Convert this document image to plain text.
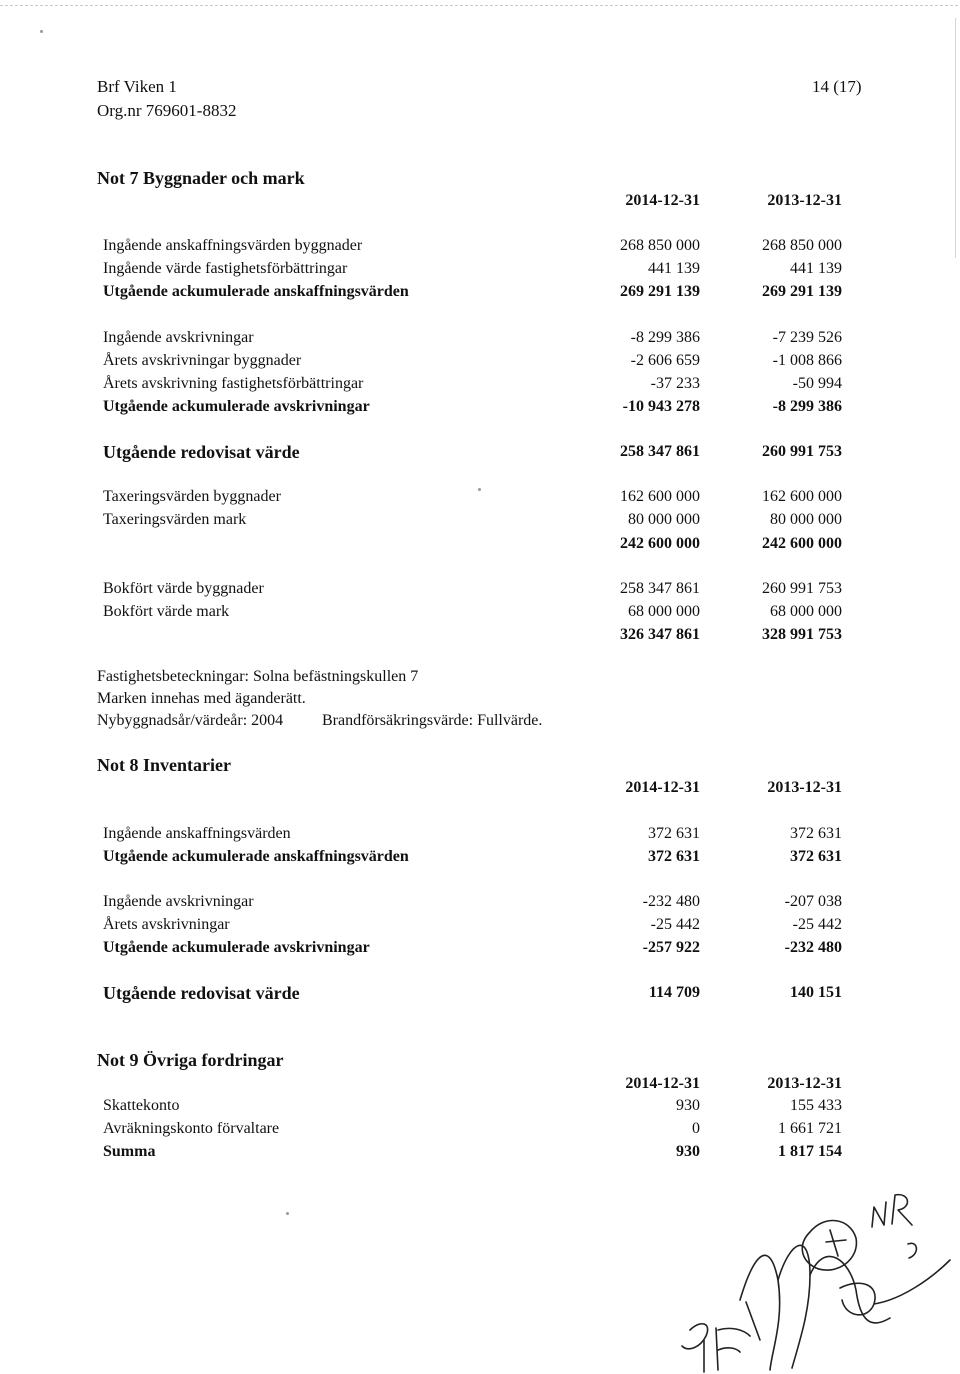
Brf Viken 1
Org.nr 769601-8832
14 (17)
Not 7 Byggnader och mark
2014-12-31	2013-12-31
Ingående anskaffningsvärden byggnader	268 850 000	268 850 000
Ingående värde fastighetsförbättringar	441 139	441 139
Utgående ackumulerade anskaffningsvärden	269 291 139	269 291 139
Ingående avskrivningar	-8 299 386	-7 239 526
Årets avskrivningar byggnader	-2 606 659	-1 008 866
Årets avskrivning fastighetsförbättringar	-37 233	-50 994
Utgående ackumulerade avskrivningar	-10 943 278	-8 299 386
Utgående redovisat värde	258 347 861	260 991 753
Taxeringsvärden byggnader	162 600 000	162 600 000
Taxeringsvärden mark	80 000 000	80 000 000
242 600 000	242 600 000
Bokfört värde byggnader	258 347 861	260 991 753
Bokfört värde mark	68 000 000	68 000 000
326 347 861	328 991 753
Fastighetsbeteckningar: Solna befästningskullen 7
Marken innehas med äganderätt.
Nybyggnadsår/värdeår: 2004 Brandförsäkringsvärde: Fullvärde.
Not 8 Inventarier
2014-12-31	2013-12-31
Ingående anskaffningsvärden	372 631	372 631
Utgående ackumulerade anskaffningsvärden	372 631	372 631
Ingående avskrivningar	-232 480	-207 038
Årets avskrivningar	-25 442	-25 442
Utgående ackumulerade avskrivningar	-257 922	-232 480
Utgående redovisat värde	114 709	140 151
Not 9 Övriga fordringar
2014-12-31	2013-12-31
Skattekonto	930	155 433
Avräkningskonto förvaltare	0	1 661 721
Summa	930	1 817 154
